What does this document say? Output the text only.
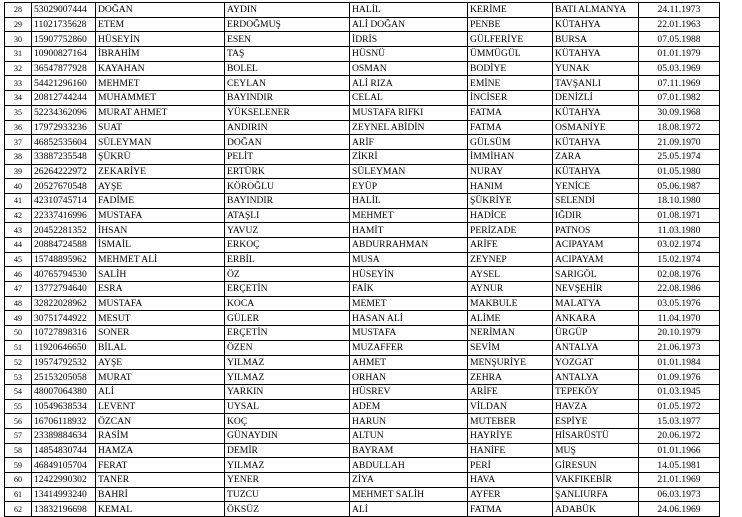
28	53029007444	DOĞAN	AYDIN	HALİL	KERİME	BATI ALMANYA	24.11.1973
29	11021735628	ETEM	ERDOĞMUŞ	ALİ DOĞAN	PENBE	KÜTAHYA	22.01.1963
30	15907752860	HÜSEYİN	ESEN	İDRİS	GÜLFERİYE	BURSA	07.05.1988
31	10900827164	İBRAHİM	TAŞ	HÜSNÜ	ÜMMÜGÜL	KÜTAHYA	01.01.1979
32	36547877928	KAYAHAN	BOLEL	OSMAN	BODİYE	YUNAK	05.03.1969
33	54421296160	MEHMET	CEYLAN	ALİ RIZA	EMİNE	TAVŞANLI	07.11.1969
34	20812744244	MUHAMMET	BAYINDIR	CELAL	İNCİSER	DENİZLİ	07.01.1982
35	52234362096	MURAT AHMET	YÜKSELENER	MUSTAFA RIFKI	FATMA	KÜTAHYA	30.09.1968
36	17972933236	SUAT	ANDIRIN	ZEYNEL ABİDİN	FATMA	OSMANİYE	18.08.1972
37	46852535604	SÜLEYMAN	DOĞAN	ARİF	GÜLSÜM	KÜTAHYA	21.09.1970
38	33887235548	ŞÜKRÜ	PELİT	ZİKRİ	İMMİHAN	ZARA	25.05.1974
39	26264222972	ZEKARİYE	ERTÜRK	SÜLEYMAN	NURAY	KÜTAHYA	01.05.1980
40	20527670548	AYŞE	KÖROĞLU	EYÜP	HANIM	YENİCE	05.06.1987
41	42310745714	FADİME	BAYINDIR	HALİL	ŞÜKRİYE	SELENDİ	18.10.1980
42	22337416996	MUSTAFA	ATAŞLI	MEHMET	HADİCE	IĞDIR	01.08.1971
43	20452281352	İHSAN	YAVUZ	HAMİT	PERİZADE	PATNOS	11.03.1980
44	20884724588	İSMAİL	ERKOÇ	ABDURRAHMAN	ARİFE	ACIPAYAM	03.02.1974
45	15748895962	MEHMET ALİ	ERBİL	MUSA	ZEYNEP	ACIPAYAM	15.02.1974
46	40765794530	SALİH	ÖZ	HÜSEYİN	AYSEL	SARIGÖL	02.08.1976
47	13772794640	ESRA	ERÇETİN	FAİK	AYNUR	NEVŞEHİR	22.08.1986
48	32822028962	MUSTAFA	KOCA	MEMET	MAKBULE	MALATYA	03.05.1976
49	30751744922	MESUT	GÜLER	HASAN ALİ	ALİME	ANKARA	11.04.1970
50	10727898316	SONER	ERÇETİN	MUSTAFA	NERİMAN	ÜRGÜP	20.10.1979
51	11920646650	BİLAL	ÖZEN	MUZAFFER	SEVİM	ANTALYA	21.06.1973
52	19574792532	AYŞE	YILMAZ	AHMET	MENŞURİYE	YOZGAT	01.01.1984
53	25153205058	MURAT	YILMAZ	ORHAN	ZEHRA	ANTALYA	01.09.1976
54	48007064380	ALİ	YARKIN	HÜSREV	ARİFE	TEPEKÖY	01.03.1945
55	10549638534	LEVENT	UYSAL	ADEM	VİLDAN	HAVZA	01.05.1972
56	16706118932	ÖZCAN	KOÇ	HARUN	MUTEBER	ESPİYE	15.03.1977
57	23389884634	RASİM	GÜNAYDIN	ALTUN	HAYRİYE	HİSARÜSTÜ	20.06.1972
58	14854830744	HAMZA	DEMİR	BAYRAM	HANİFE	MUŞ	01.01.1966
59	46849105704	FERAT	YILMAZ	ABDULLAH	PERİ	GİRESUN	14.05.1981
60	12422990302	TANER	YENER	ZİYA	HAVA	VAKFIKEBİR	21.01.1969
61	13414993240	BAHRİ	TUZCU	MEHMET SALİH	AYFER	ŞANLIURFA	06.03.1973
62	13832196698	KEMAL	ÖKSÜZ	ALİ	FATMA	ADABÜK	24.06.1969
